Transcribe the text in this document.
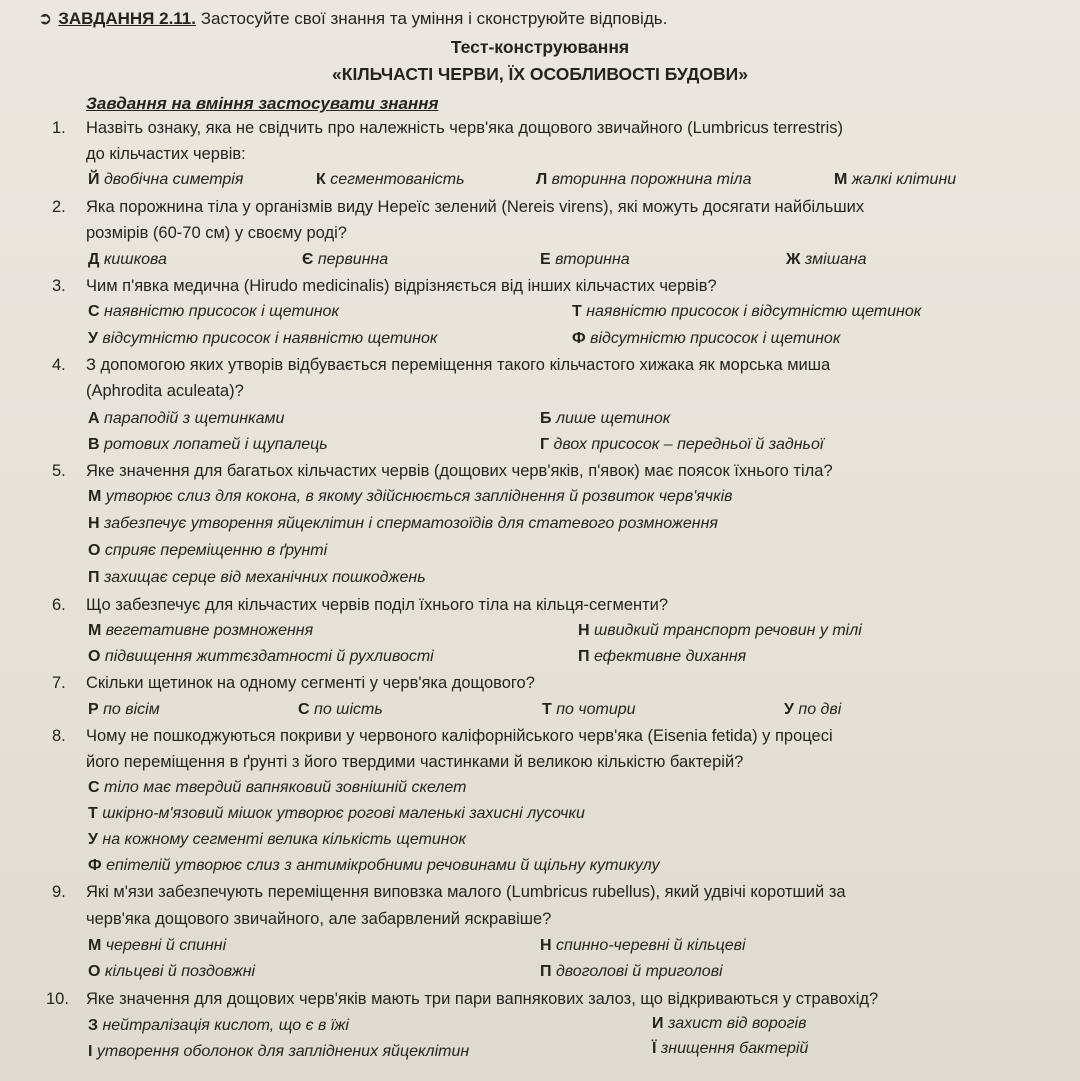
➲ ЗАВДАННЯ 2.11. Застосуйте свої знання та уміння і сконструюйте відповідь.
Тест-конструювання
«КІЛЬЧАСТІ ЧЕРВИ, ЇХ ОСОБЛИВОСТІ БУДОВИ»
Завдання на вміння застосувати знання
1. Назвіть ознаку, яка не свідчить про належність черв'яка дощового звичайного (Lumbricus terrestris)
до кільчастих червів:
Й двобічна симетрія	К сегментованість	Л вторинна порожнина тіла	М жалкі клітини
2. Яка порожнина тіла у організмів виду Нереїс зелений (Nereis virens), які можуть досягати найбільших
розмірів (60-70 см) у своєму роді?
Д кишкова	Є первинна	Е вторинна	Ж змішана
3. Чим п'явка медична (Hirudo medicinalis) відрізняється від інших кільчастих червів?
С наявністю присосок і щетинок	Т наявністю присосок і відсутністю щетинок
У відсутністю присосок і наявністю щетинок	Ф відсутністю присосок і щетинок
4. З допомогою яких утворів відбувається переміщення такого кільчастого хижака як морська миша
(Aphrodita aculeata)?
А параподій з щетинками	Б лише щетинок
В ротових лопатей і щупалець	Г двох присосок – передньої й задньої
5. Яке значення для багатьох кільчастих червів (дощових черв'яків, п'явок) має поясок їхнього тіла?
М утворює слиз для кокона, в якому здійснюється запліднення й розвиток черв'ячків
Н забезпечує утворення яйцеклітин і сперматозоїдів для статевого розмноження
О сприяє переміщенню в ґрунті
П захищає серце від механічних пошкоджень
6. Що забезпечує для кільчастих червів поділ їхнього тіла на кільця-сегменти?
М вегетативне розмноження	Н швидкий транспорт речовин у тілі
О підвищення життєздатності й рухливості	П ефективне дихання
7. Скільки щетинок на одному сегменті у черв'яка дощового?
Р по вісім	С по шість	Т по чотири	У по дві
8. Чому не пошкоджуються покриви у червоного каліфорнійського черв'яка (Eisenia fetida) у процесі
його переміщення в ґрунті з його твердими частинками й великою кількістю бактерій?
С тіло має твердий вапняковий зовнішній скелет
Т шкірно-м'язовий мішок утворює рогові маленькі захисні лусочки
У на кожному сегменті велика кількість щетинок
Ф епітелій утворює слиз з антимікробними речовинами й щільну кутикулу
9. Які м'язи забезпечують переміщення виповзка малого (Lumbricus rubellus), який удвічі коротший за
черв'яка дощового звичайного, але забарвлений яскравіше?
М черевні й спинні	Н спинно-черевні й кільцеві
О кільцеві й поздовжні	П двоголові й триголові
10. Яке значення для дощових черв'яків мають три пари вапнякових залоз, що відкриваються у стравохід?
З нейтралізація кислот, що є в їжі	И захист від ворогів
І утворення оболонок для запліднених яйцеклітин	Ї знищення бактерій
